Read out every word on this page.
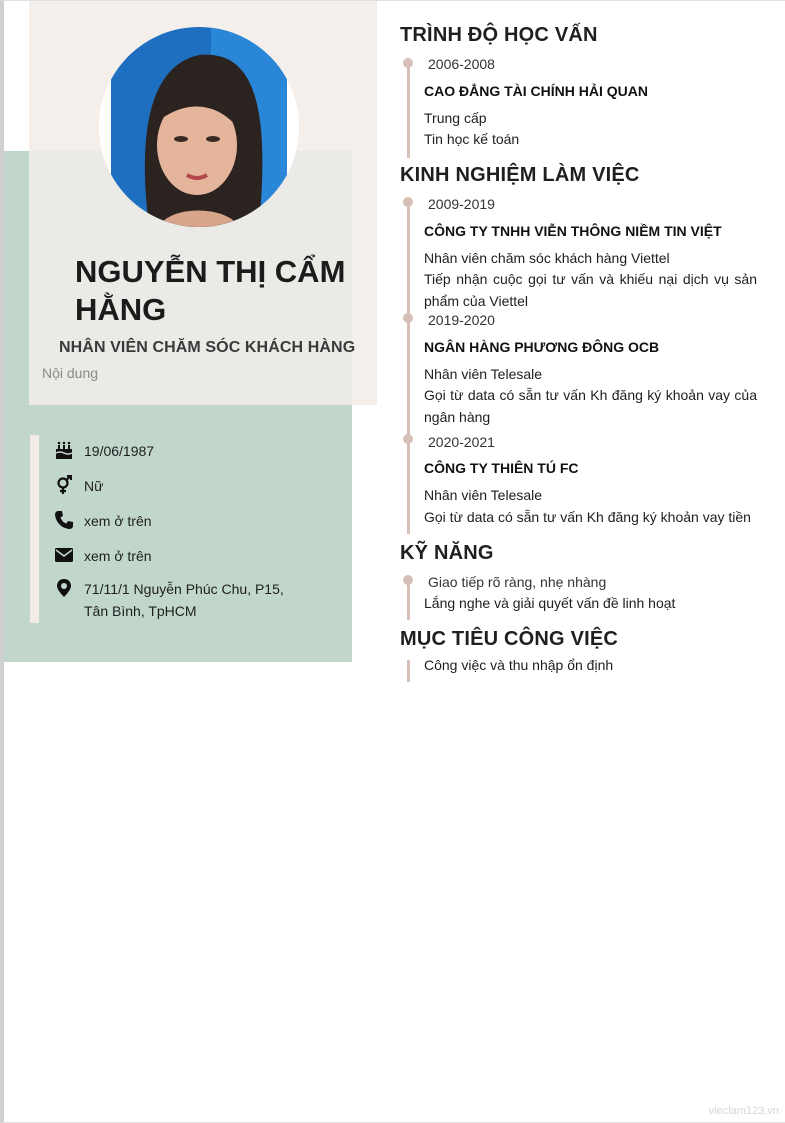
NGUYỄN THỊ CẨM HẰNG
NHÂN VIÊN CHĂM SÓC KHÁCH HÀNG
Nội dung
19/06/1987
Nữ
xem ở trên
xem ở trên
71/11/1 Nguyễn Phúc Chu, P15, Tân Bình, TpHCM
TRÌNH ĐỘ HỌC VẤN
2006-2008
CAO ĐẲNG TÀI CHÍNH HẢI QUAN
Trung cấp
Tin học kế toán
KINH NGHIỆM LÀM VIỆC
2009-2019
CÔNG TY TNHH VIỄN THÔNG NIỀM TIN VIỆT
Nhân viên chăm sóc khách hàng Viettel
Tiếp nhận cuộc gọi tư vấn và khiếu nại dịch vụ sản phẩm của Viettel
2019-2020
NGÂN HÀNG PHƯƠNG ĐÔNG OCB
Nhân viên Telesale
Gọi từ data có sẵn tư vấn Kh đăng ký khoản vay của ngân hàng
2020-2021
CÔNG TY THIÊN TÚ FC
Nhân viên Telesale
Gọi từ data có sẵn tư vấn Kh đăng ký khoản vay tiền
KỸ NĂNG
Giao tiếp rõ ràng, nhẹ nhàng
Lắng nghe và giải quyết vấn đề linh hoạt
MỤC TIÊU CÔNG VIỆC
Công việc và thu nhập ổn định
vieclam123.vn
